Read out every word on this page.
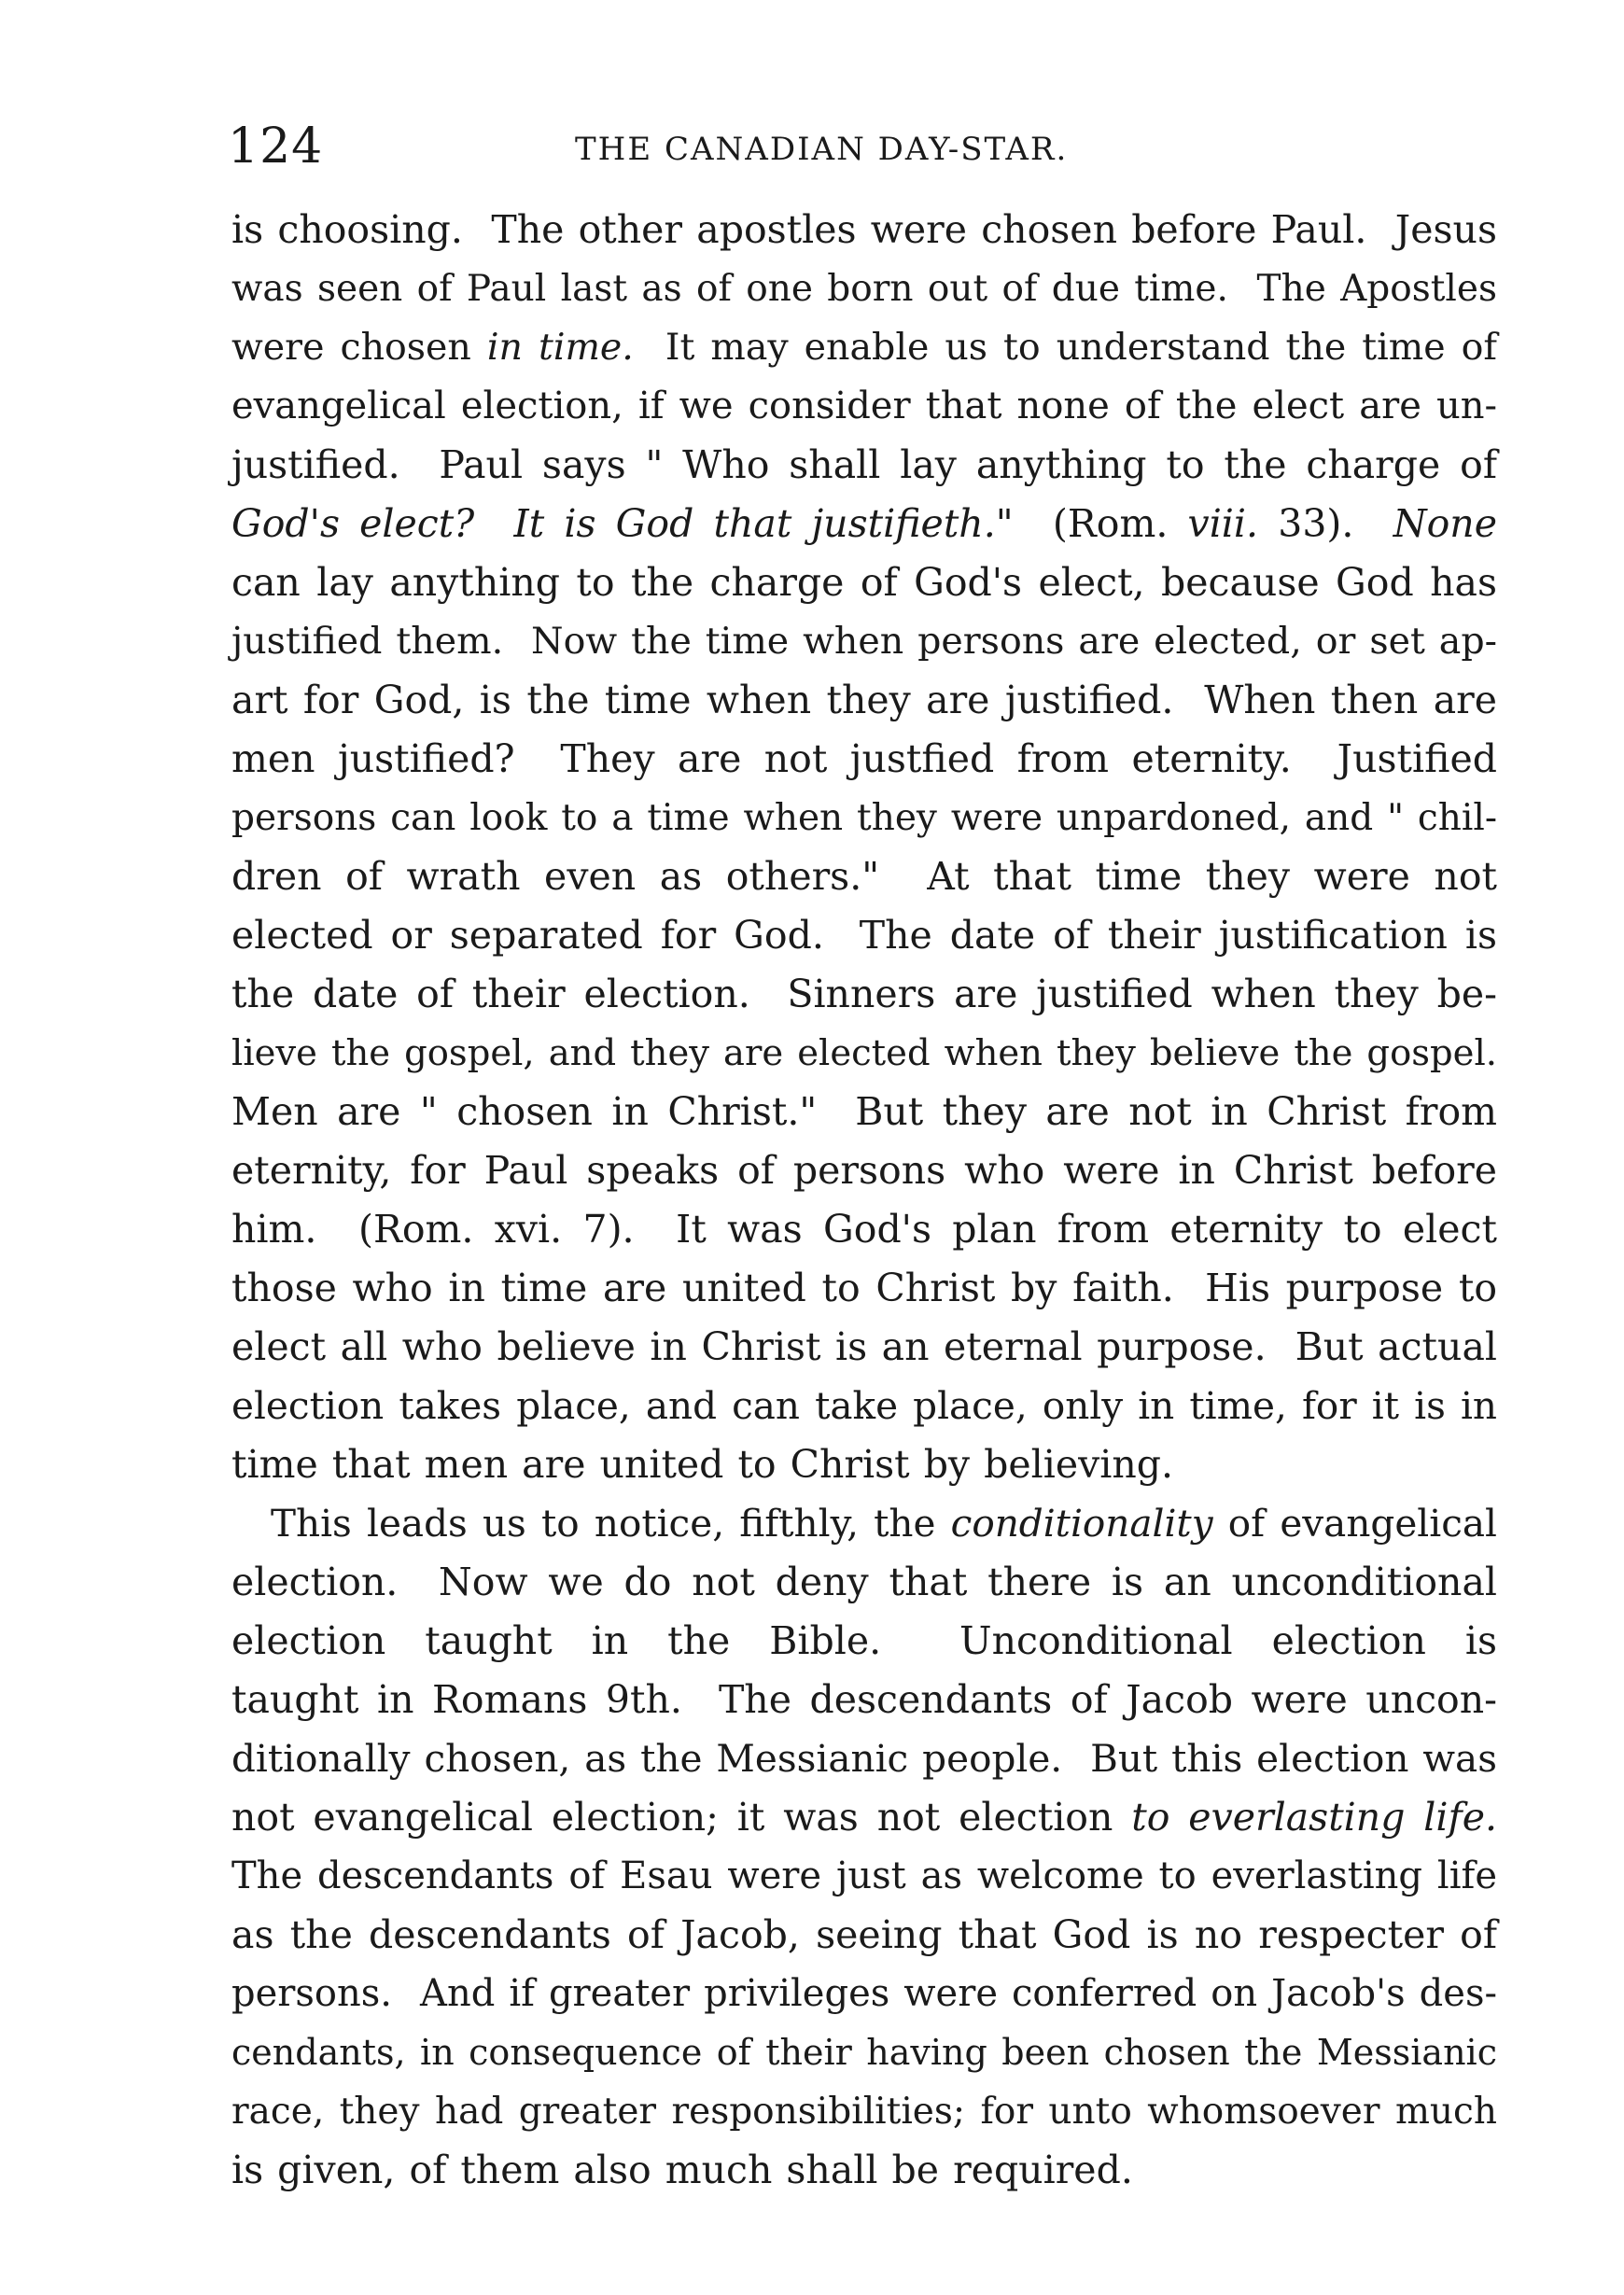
124	THE CANADIAN DAY-STAR.
is choosing.  The other apostles were chosen before Paul.  Jesus
was seen of Paul last as of one born out of due time.  The Apostles
were chosen in time.  It may enable us to understand the time of
evangelical election, if we consider that none of the elect are un-
justified.  Paul says " Who shall lay anything to the charge of
God's elect?  It is God that justifieth."  (Rom. viii. 33).  None
can lay anything to the charge of God's elect, because God has
justified them.  Now the time when persons are elected, or set ap-
art for God, is the time when they are justified.  When then are
men justified?  They are not justfied from eternity.  Justified
persons can look to a time when they were unpardoned, and " chil-
dren of wrath even as others."  At that time they were not
elected or separated for God.  The date of their justification is
the date of their election.  Sinners are justified when they be-
lieve the gospel, and they are elected when they believe the gospel.
Men are " chosen in Christ."  But they are not in Christ from
eternity, for Paul speaks of persons who were in Christ before
him.  (Rom. xvi. 7).  It was God's plan from eternity to elect
those who in time are united to Christ by faith.  His purpose to
elect all who believe in Christ is an eternal purpose.  But actual
election takes place, and can take place, only in time, for it is in
time that men are united to Christ by believing.
This leads us to notice, fifthly, the conditionality of evangelical
election.  Now we do not deny that there is an unconditional
election taught in the Bible.  Unconditional election is
taught in Romans 9th.  The descendants of Jacob were uncon-
ditionally chosen, as the Messianic people.  But this election was
not evangelical election; it was not election to everlasting life.
The descendants of Esau were just as welcome to everlasting life
as the descendants of Jacob, seeing that God is no respecter of
persons.  And if greater privileges were conferred on Jacob's des-
cendants, in consequence of their having been chosen the Messianic
race, they had greater responsibilities; for unto whomsoever much
is given, of them also much shall be required.
